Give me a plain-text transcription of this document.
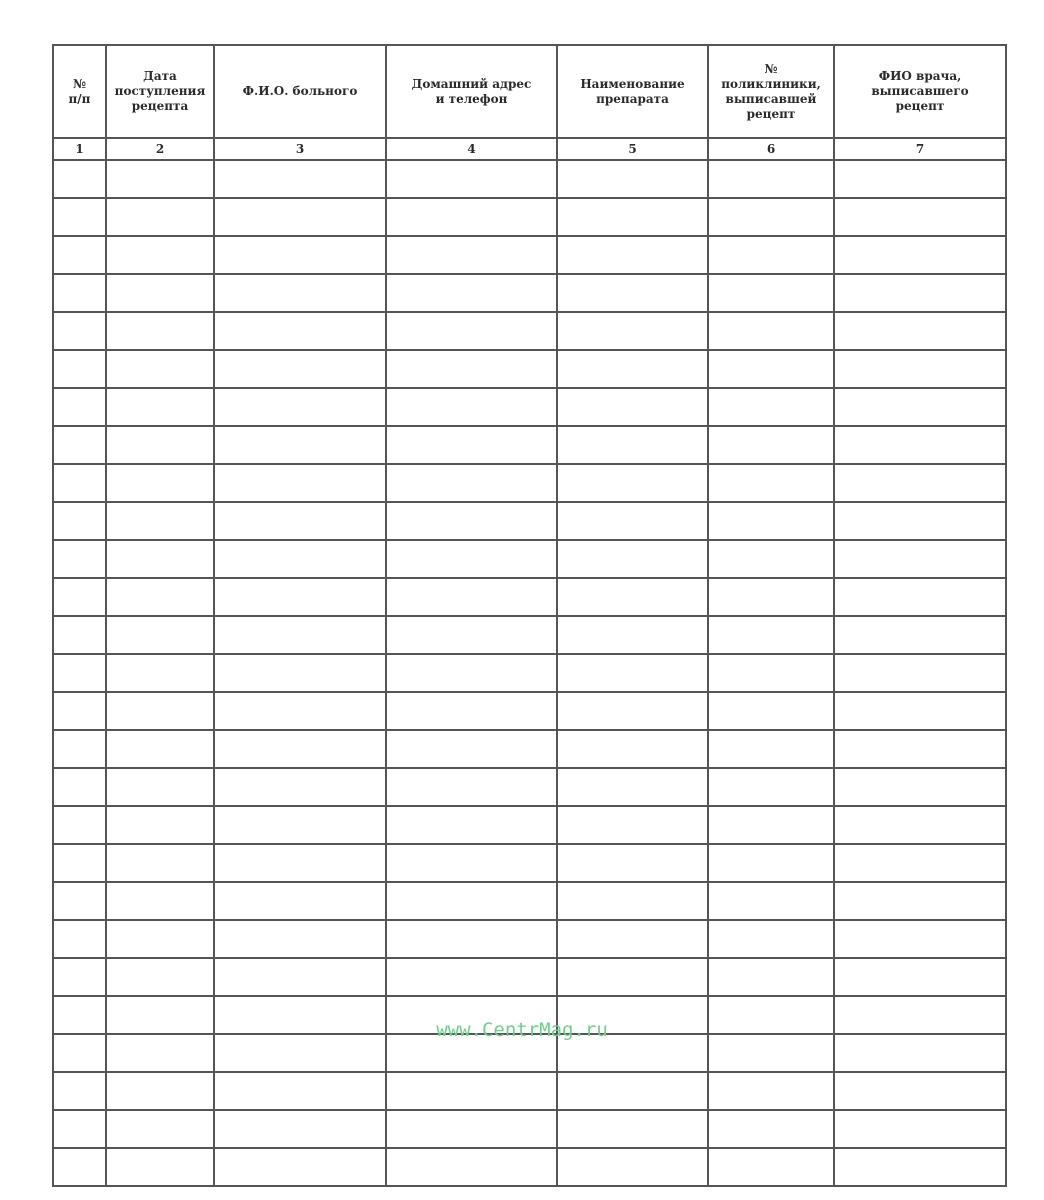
№
п/п	Дата
поступления
рецепта	Ф.И.О. больного	Домашний адрес
и телефон	Наименование
препарата	№
поликлиники,
выписавшей
рецепт	ФИО врача,
выписавшего
рецепт

1	2	3	4	5	6	7

www.CentrMag.ru
